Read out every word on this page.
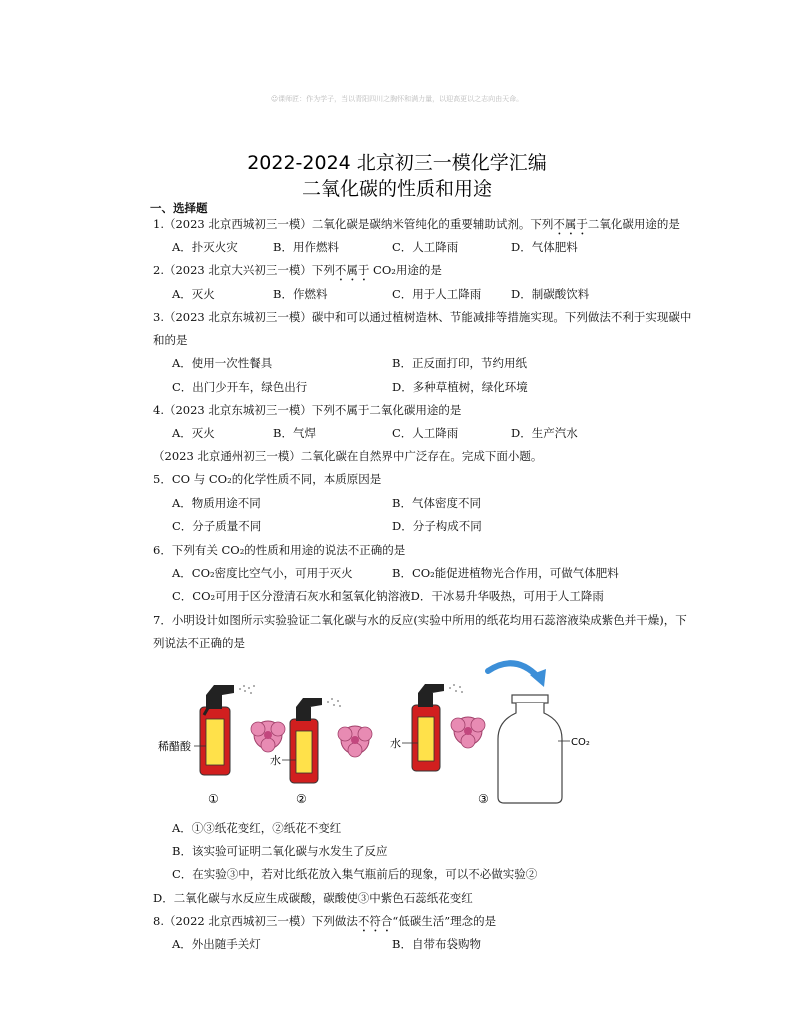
☺课师匠：作为学子，当以青阳四川之胸怀和满力量，以迎高更以之志向由天命。
2022-2024 北京初三一模化学汇编
二氧化碳的性质和用途
一、选择题
1.（2023 北京西城初三一模）二氧化碳是碳纳米管纯化的重要辅助试剂。下列不属于二氧化碳用途的是
A．扑灭火灾	B．用作燃料	C．人工降雨	D．气体肥料
2.（2023 北京大兴初三一模）下列不属于 CO₂用途的是
A．灭火	B．作燃料	C．用于人工降雨	D．制碳酸饮料
3.（2023 北京东城初三一模）碳中和可以通过植树造林、节能减排等措施实现。下列做法不利于实现碳中
和的是
A．使用一次性餐具	B．正反面打印，节约用纸
C．出门少开车，绿色出行	D．多种草植树，绿化环境
4.（2023 北京东城初三一模）下列不属于二氧化碳用途的是
A．灭火	B．气焊	C．人工降雨	D．生产汽水
（2023 北京通州初三一模）二氧化碳在自然界中广泛存在。完成下面小题。
5．CO 与 CO₂的化学性质不同，本质原因是
A．物质用途不同	B．气体密度不同
C．分子质量不同	D．分子构成不同
6．下列有关 CO₂的性质和用途的说法不正确的是
A．CO₂密度比空气小，可用于灭火	B．CO₂能促进植物光合作用，可做气体肥料
C．CO₂可用于区分澄清石灰水和氢氧化钠溶液D．干冰易升华吸热，可用于人工降雨
7．小明设计如图所示实验验证二氧化碳与水的反应(实验中所用的纸花均用石蕊溶液染成紫色并干燥)，下
列说法不正确的是
稀醋酸
①
水
②
水
③
CO₂
A．①③纸花变红，②纸花不变红
B．该实验可证明二氧化碳与水发生了反应
C．在实验③中，若对比纸花放入集气瓶前后的现象，可以不必做实验②
D．二氧化碳与水反应生成碳酸，碳酸使③中紫色石蕊纸花变红
8.（2022 北京西城初三一模）下列做法不符合“低碳生活”理念的是
A．外出随手关灯	B．自带布袋购物
